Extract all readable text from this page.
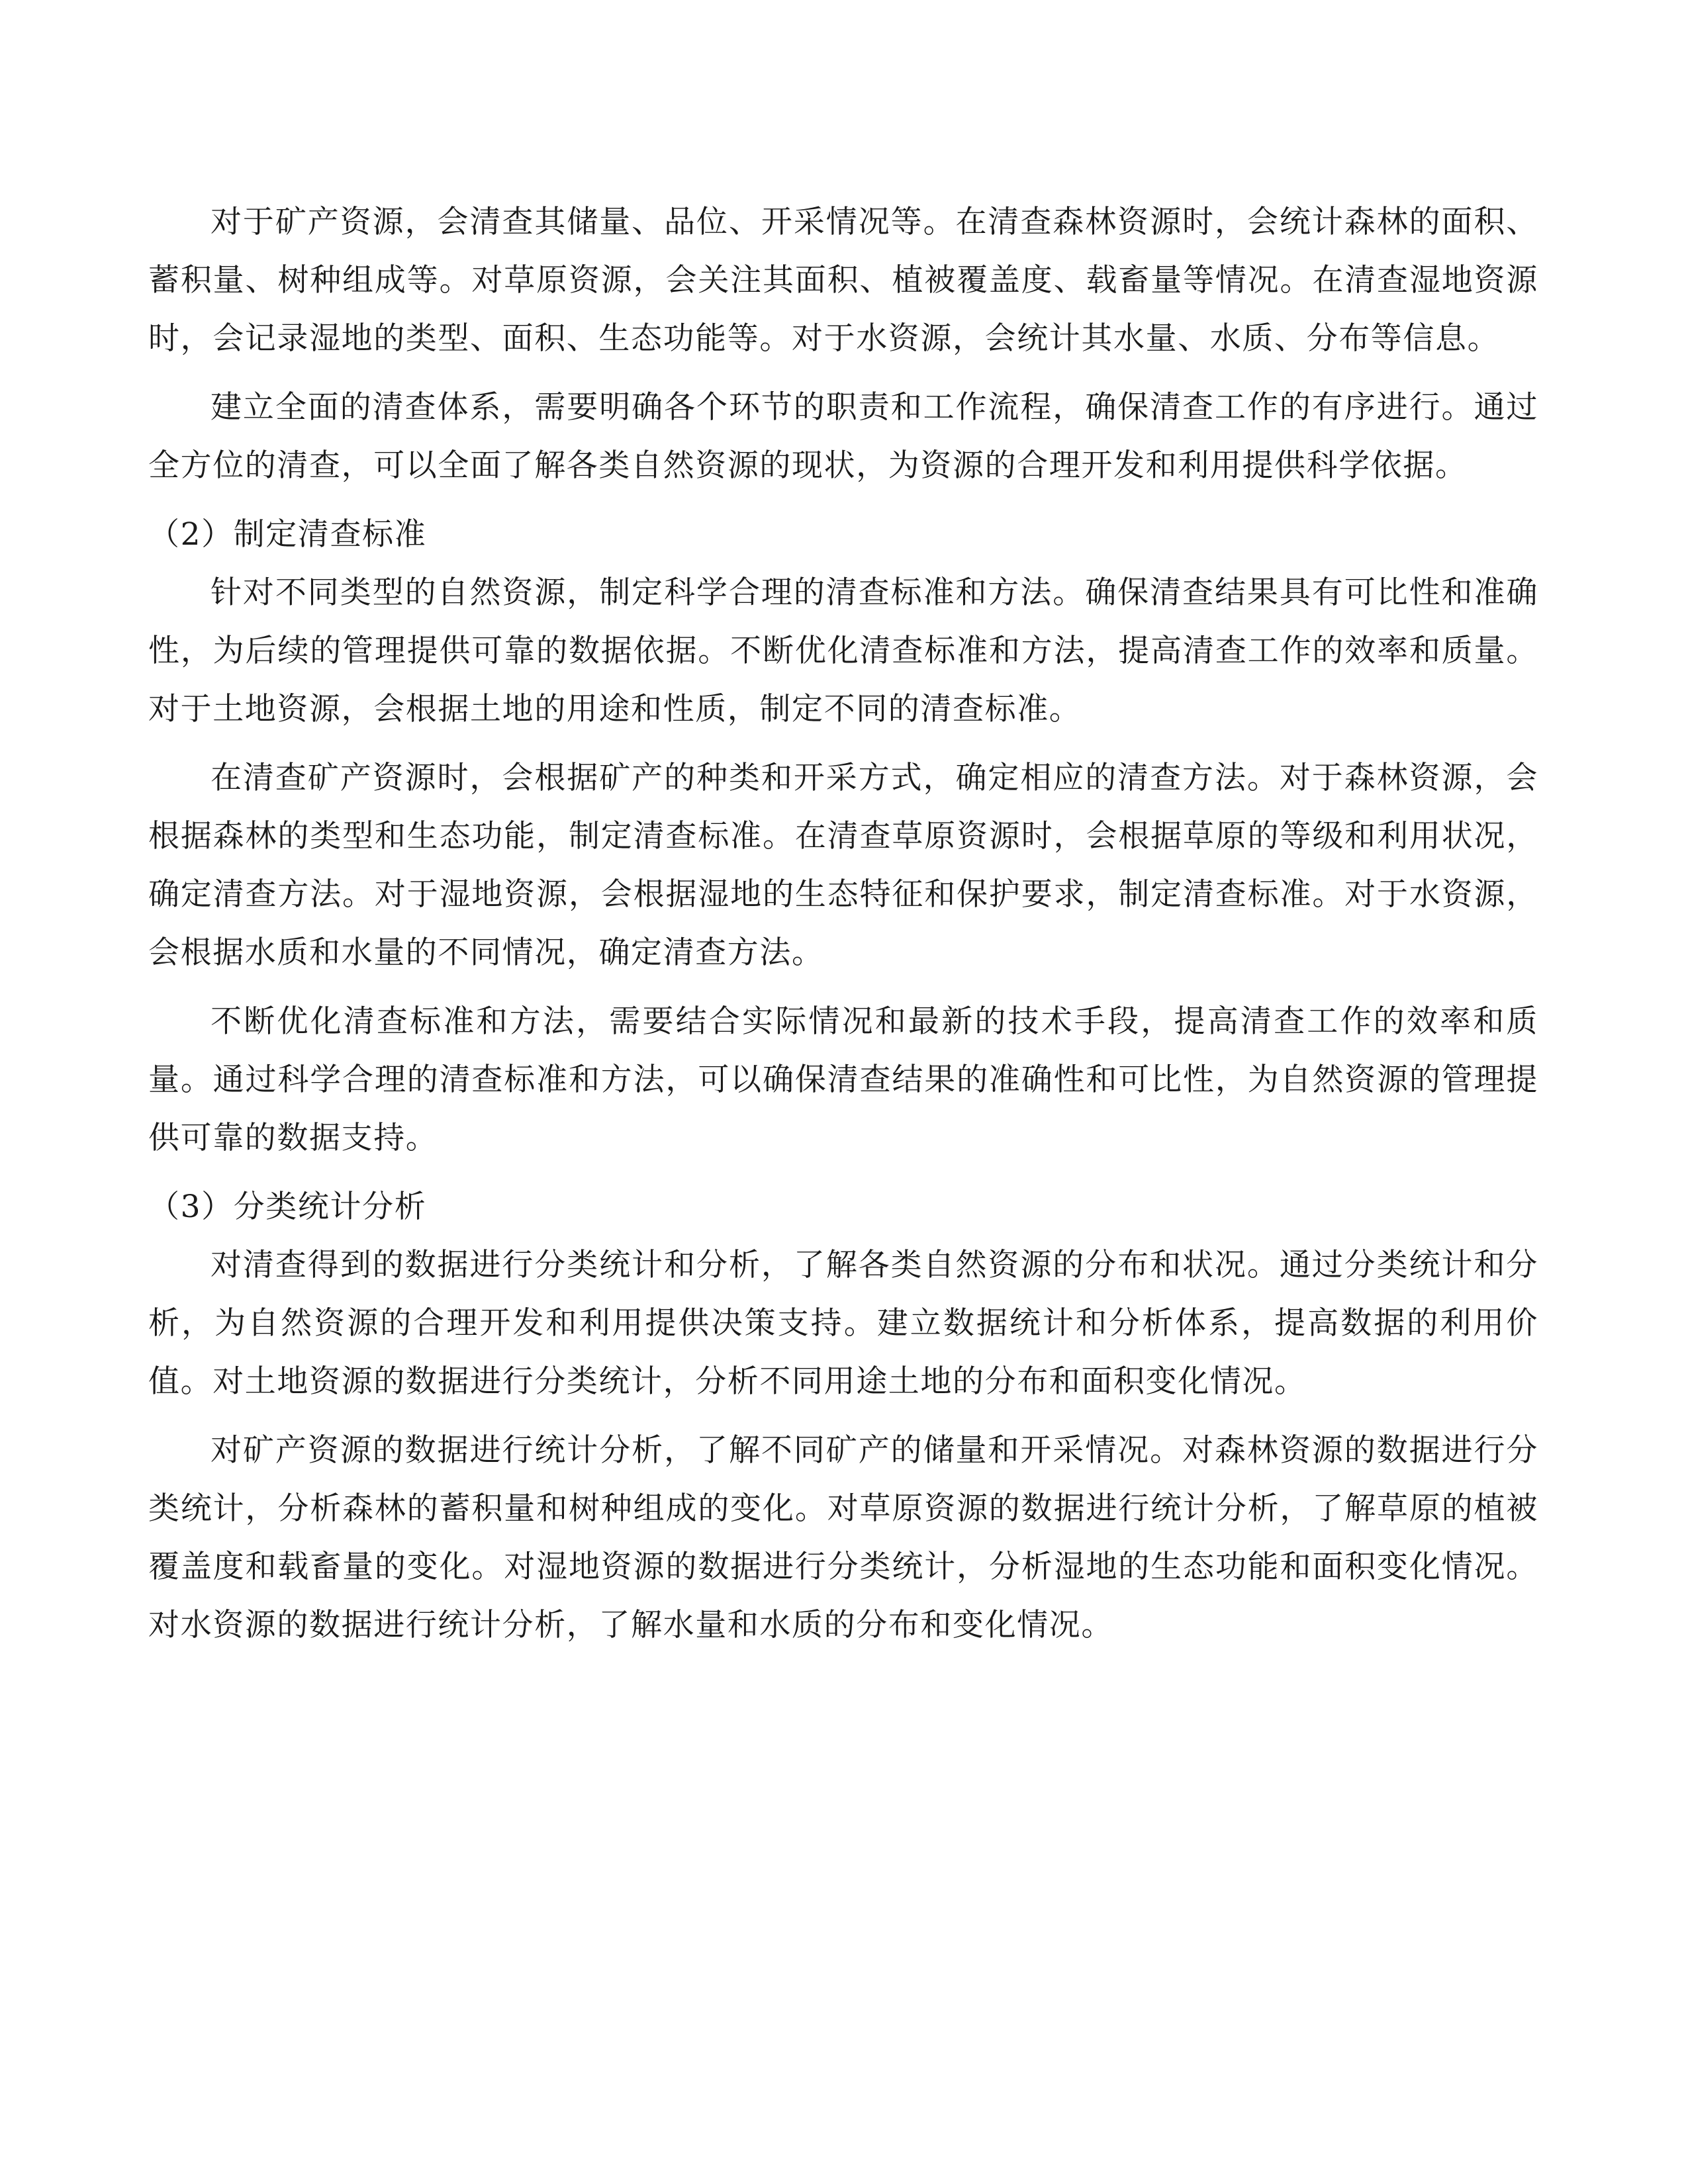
对于矿产资源，会清查其储量、品位、开采情况等。在清查森林资源时，会统计森林的面积、蓄积量、树种组成等。对草原资源，会关注其面积、植被覆盖度、载畜量等情况。在清查湿地资源时，会记录湿地的类型、面积、生态功能等。对于水资源，会统计其水量、水质、分布等信息。

建立全面的清查体系，需要明确各个环节的职责和工作流程，确保清查工作的有序进行。通过全方位的清查，可以全面了解各类自然资源的现状，为资源的合理开发和利用提供科学依据。

（2）制定清查标准

针对不同类型的自然资源，制定科学合理的清查标准和方法。确保清查结果具有可比性和准确性，为后续的管理提供可靠的数据依据。不断优化清查标准和方法，提高清查工作的效率和质量。对于土地资源，会根据土地的用途和性质，制定不同的清查标准。

在清查矿产资源时，会根据矿产的种类和开采方式，确定相应的清查方法。对于森林资源，会根据森林的类型和生态功能，制定清查标准。在清查草原资源时，会根据草原的等级和利用状况，确定清查方法。对于湿地资源，会根据湿地的生态特征和保护要求，制定清查标准。对于水资源，会根据水质和水量的不同情况，确定清查方法。

不断优化清查标准和方法，需要结合实际情况和最新的技术手段，提高清查工作的效率和质量。通过科学合理的清查标准和方法，可以确保清查结果的准确性和可比性，为自然资源的管理提供可靠的数据支持。

（3）分类统计分析

对清查得到的数据进行分类统计和分析，了解各类自然资源的分布和状况。通过分类统计和分析，为自然资源的合理开发和利用提供决策支持。建立数据统计和分析体系，提高数据的利用价值。对土地资源的数据进行分类统计，分析不同用途土地的分布和面积变化情况。

对矿产资源的数据进行统计分析，了解不同矿产的储量和开采情况。对森林资源的数据进行分类统计，分析森林的蓄积量和树种组成的变化。对草原资源的数据进行统计分析，了解草原的植被覆盖度和载畜量的变化。对湿地资源的数据进行分类统计，分析湿地的生态功能和面积变化情况。对水资源的数据进行统计分析，了解水量和水质的分布和变化情况。
